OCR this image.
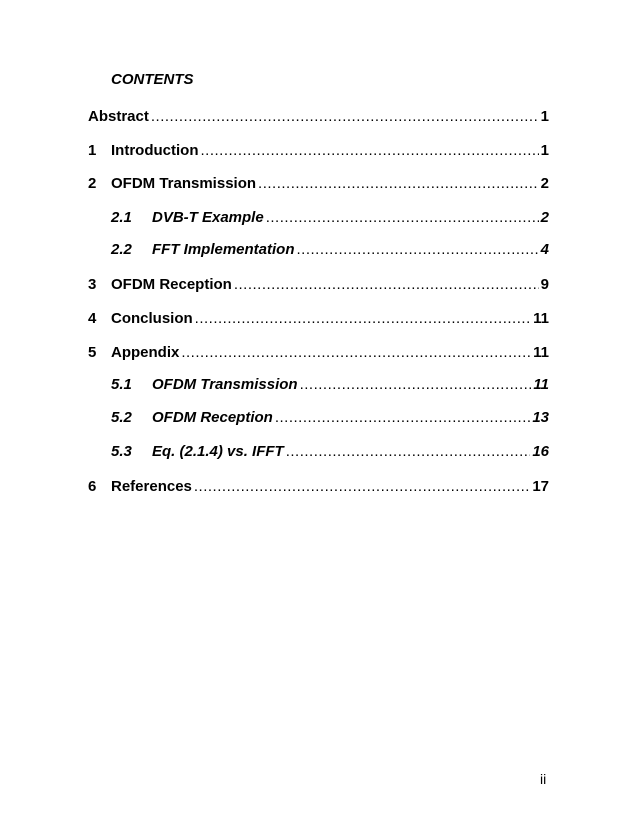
CONTENTS
Abstract .....	1
1 Introduction .....	1
2 OFDM Transmission .....	2
2.1	DVB-T Example .....	2
2.2	FFT Implementation .....	4
3 OFDM Reception .....	9
4 Conclusion .....	11
5 Appendix .....	11
5.1	OFDM Transmission .....	11
5.2	OFDM Reception .....	13
5.3	Eq. (2.1.4) vs. IFFT .....	16
6 References .....	17
ii
